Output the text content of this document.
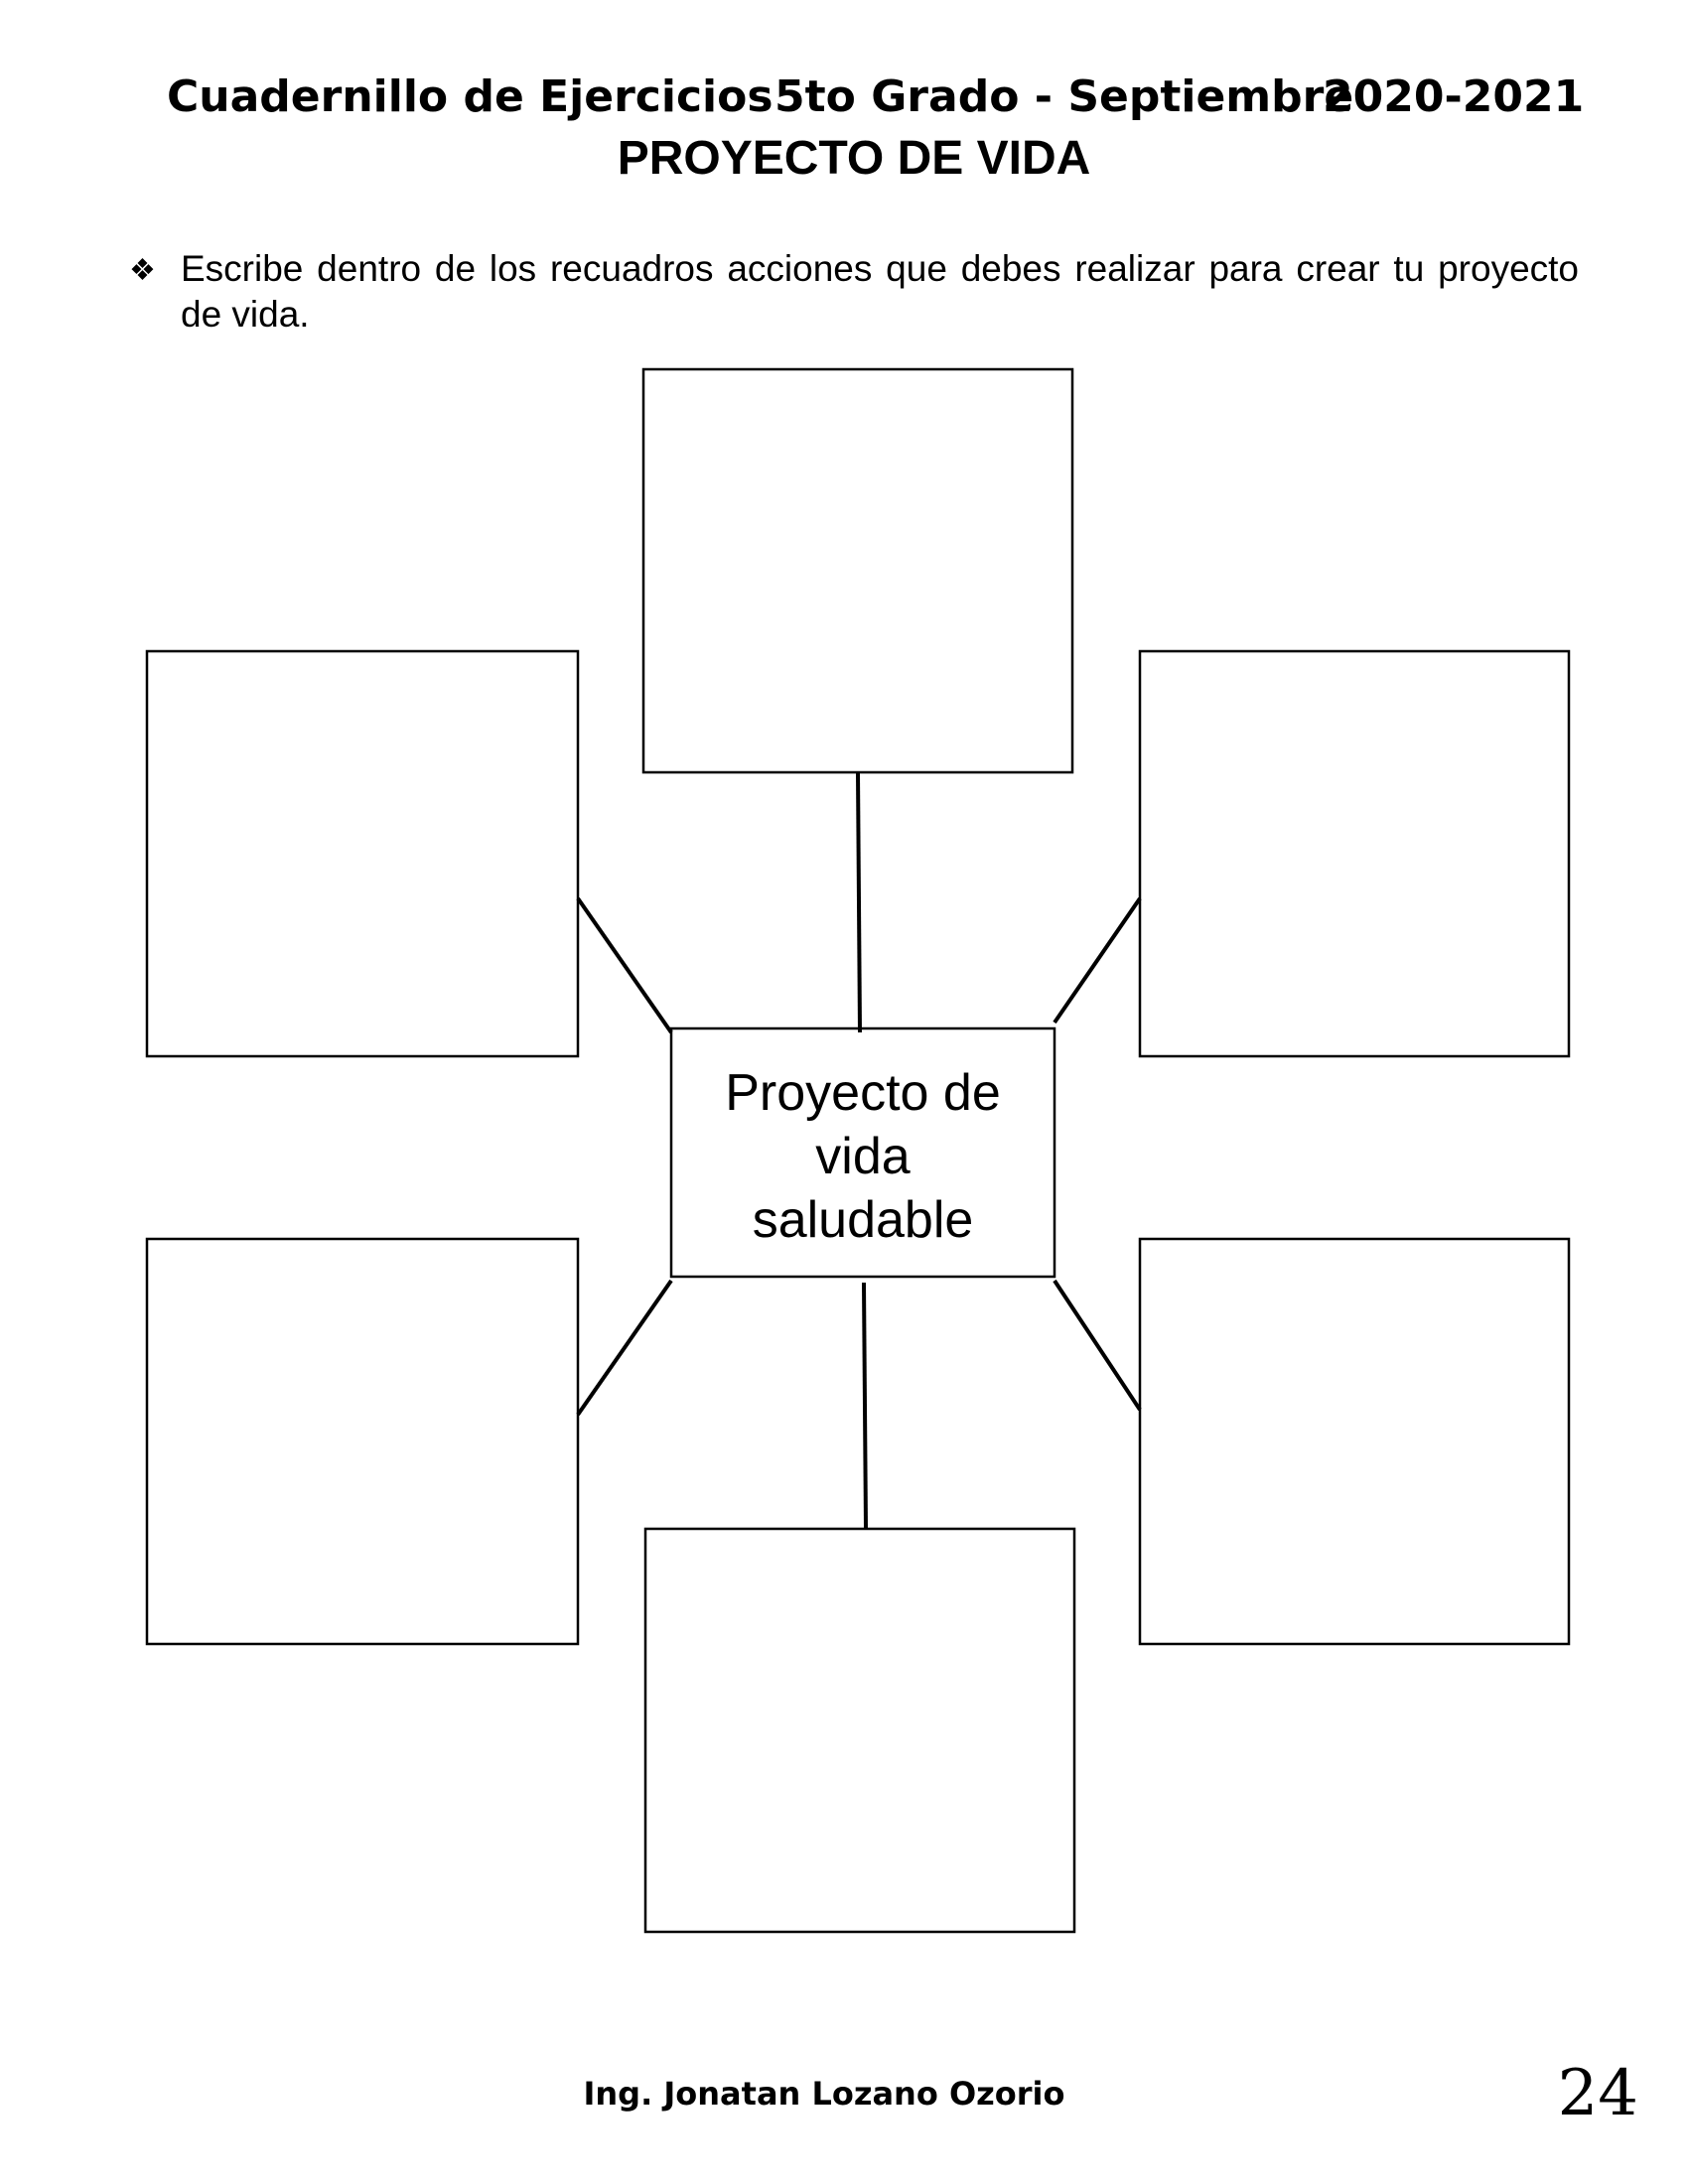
Cuadernillo de Ejercicios 5to Grado - Septiembre
2020-2021
PROYECTO DE VIDA
❖ Escribe dentro de los recuadros acciones que debes realizar para crear tu proyecto de vida.
Proyecto de vida saludable
Ing. Jonatan Lozano Ozorio	24
